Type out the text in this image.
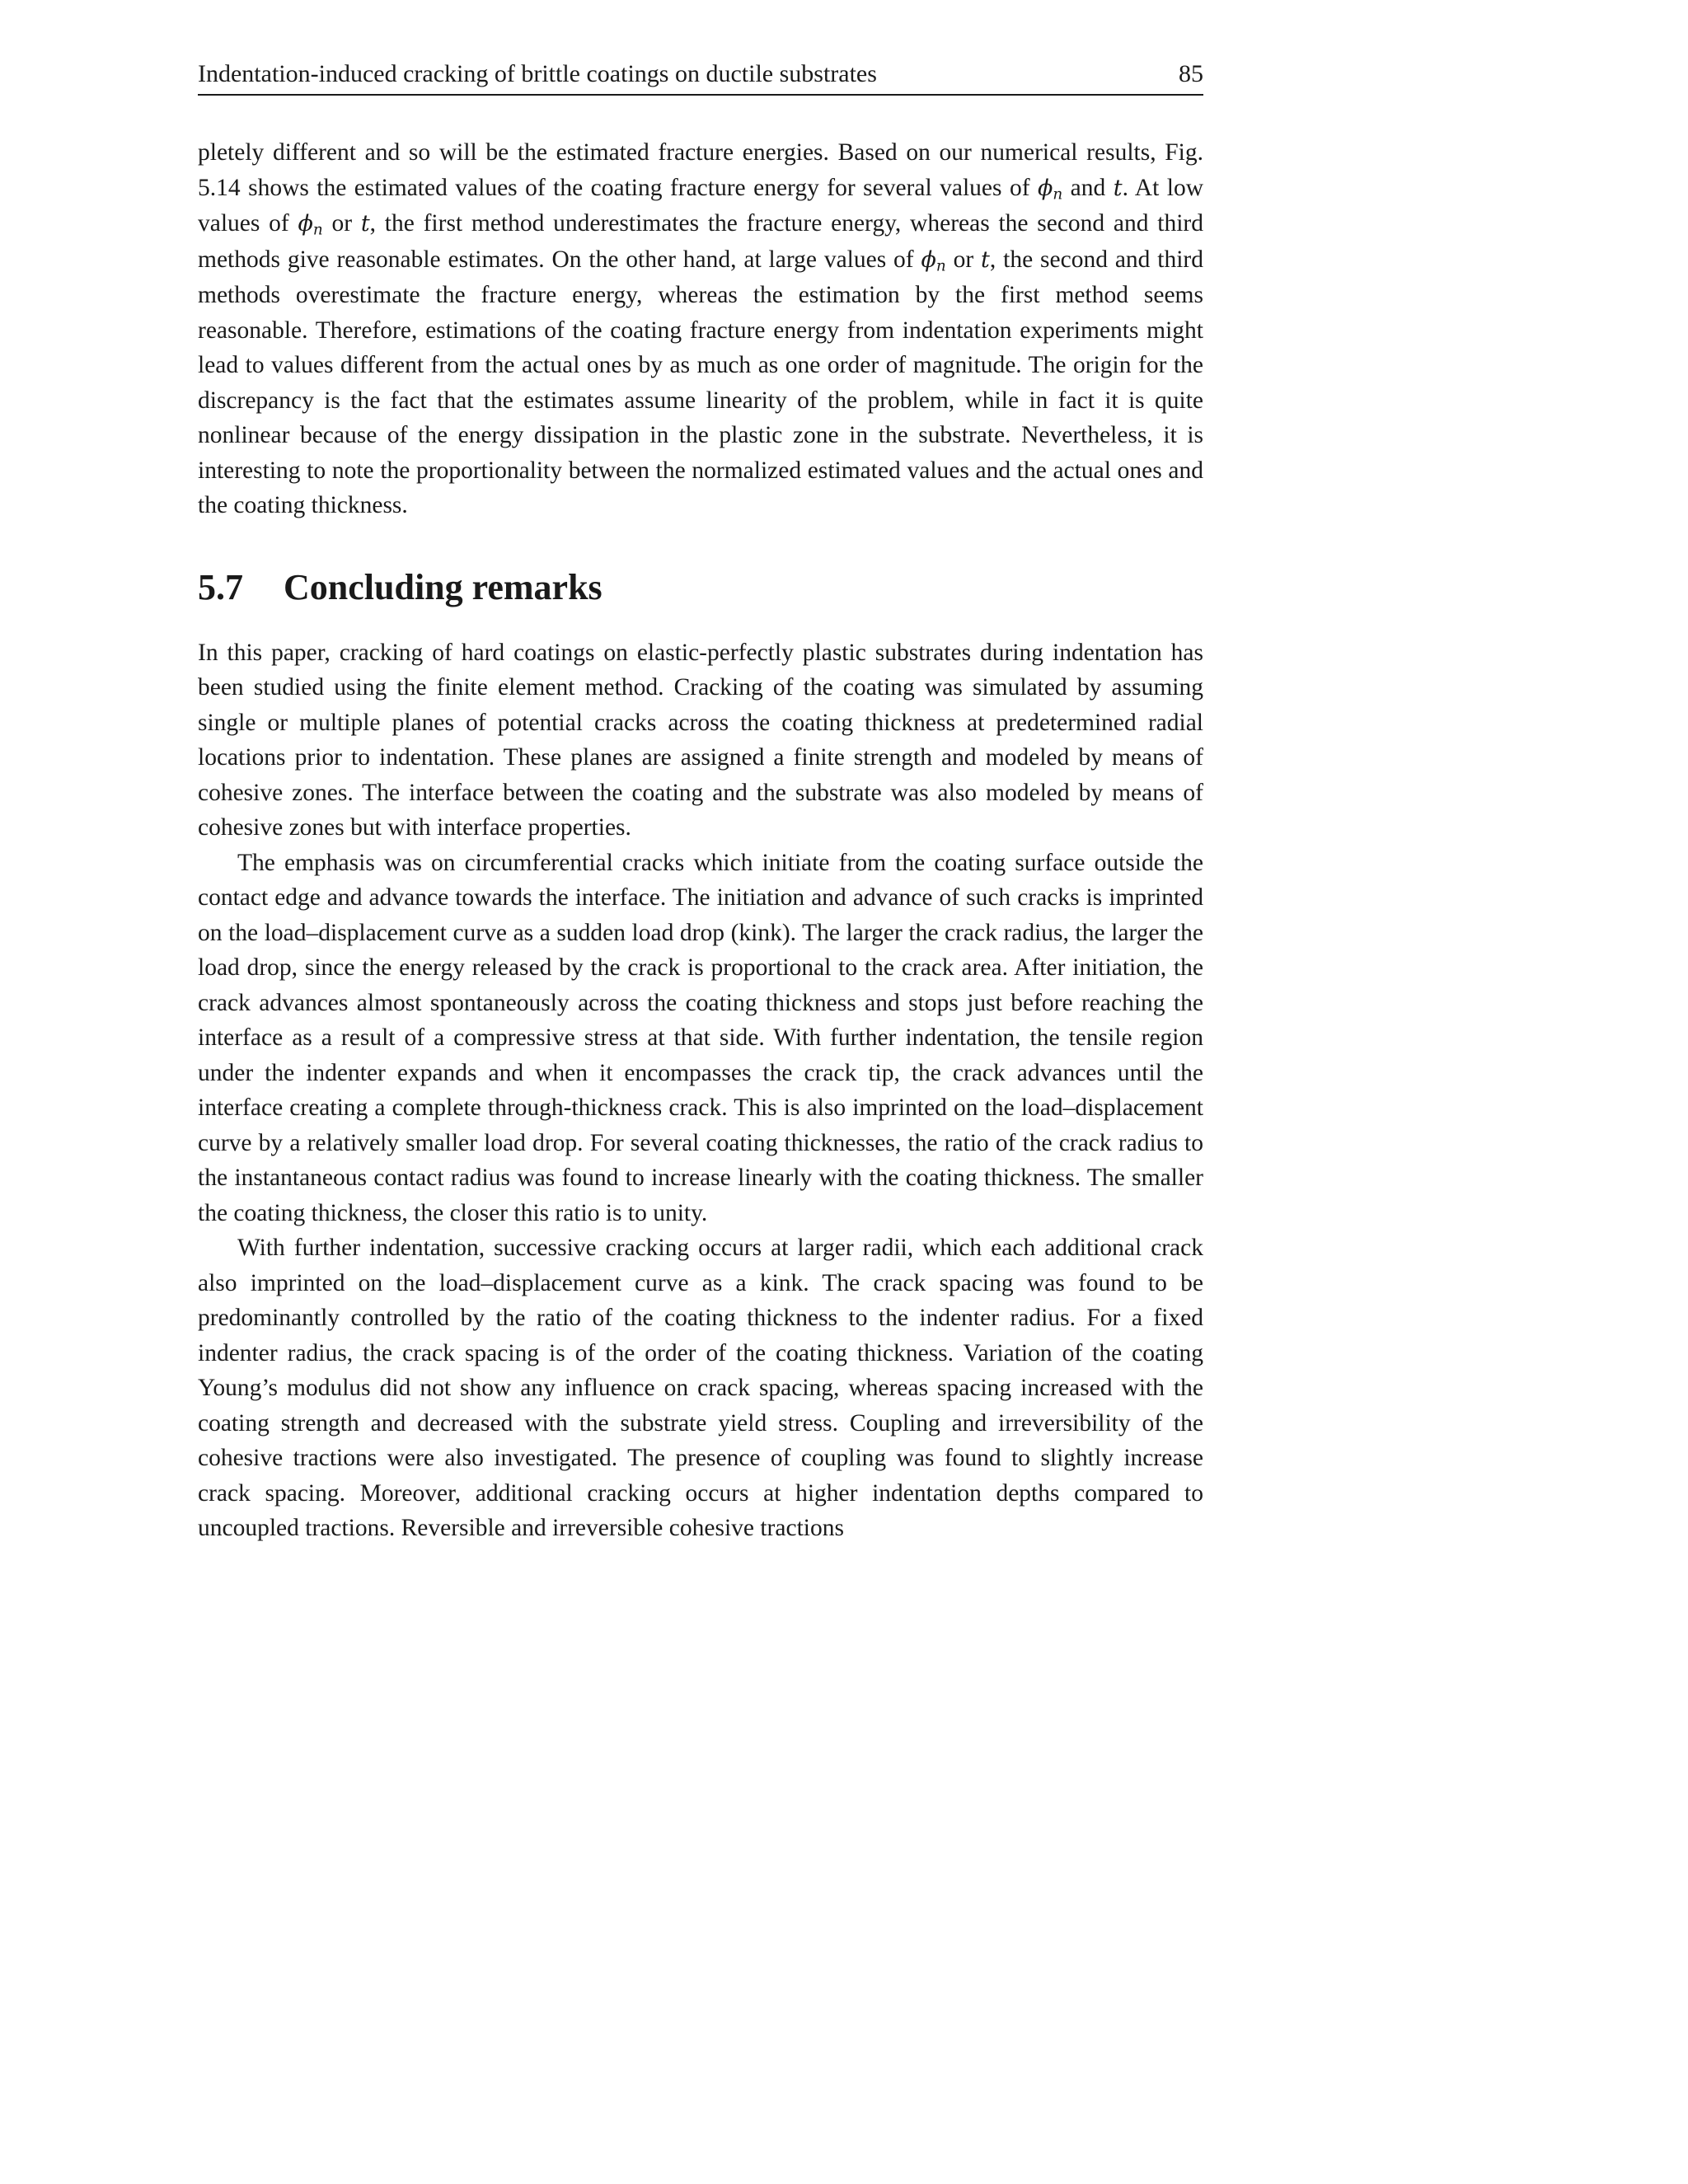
Indentation-induced cracking of brittle coatings on ductile substrates	85

pletely different and so will be the estimated fracture energies. Based on our numerical results, Fig. 5.14 shows the estimated values of the coating fracture energy for several values of $\phi_n$ and t. At low values of $\phi_n$ or t, the first method underestimates the fracture energy, whereas the second and third methods give reasonable estimates. On the other hand, at large values of $\phi_n$ or t, the second and third methods overestimate the fracture energy, whereas the estimation by the first method seems reasonable. Therefore, estimations of the coating fracture energy from indentation experiments might lead to values different from the actual ones by as much as one order of magnitude. The origin for the discrepancy is the fact that the estimates assume linearity of the problem, while in fact it is quite nonlinear because of the energy dissipation in the plastic zone in the substrate. Nevertheless, it is interesting to note the proportionality between the normalized estimated values and the actual ones and the coating thickness.

5.7	Concluding remarks

In this paper, cracking of hard coatings on elastic-perfectly plastic substrates during indentation has been studied using the finite element method. Cracking of the coating was simulated by assuming single or multiple planes of potential cracks across the coating thickness at predetermined radial locations prior to indentation. These planes are assigned a finite strength and modeled by means of cohesive zones. The interface between the coating and the substrate was also modeled by means of cohesive zones but with interface properties.

The emphasis was on circumferential cracks which initiate from the coating surface outside the contact edge and advance towards the interface. The initiation and advance of such cracks is imprinted on the load–displacement curve as a sudden load drop (kink). The larger the crack radius, the larger the load drop, since the energy released by the crack is proportional to the crack area. After initiation, the crack advances almost spontaneously across the coating thickness and stops just before reaching the interface as a result of a compressive stress at that side. With further indentation, the tensile region under the indenter expands and when it encompasses the crack tip, the crack advances until the interface creating a complete through-thickness crack. This is also imprinted on the load–displacement curve by a relatively smaller load drop. For several coating thicknesses, the ratio of the crack radius to the instantaneous contact radius was found to increase linearly with the coating thickness. The smaller the coating thickness, the closer this ratio is to unity.

With further indentation, successive cracking occurs at larger radii, which each additional crack also imprinted on the load–displacement curve as a kink. The crack spacing was found to be predominantly controlled by the ratio of the coating thickness to the indenter radius. For a fixed indenter radius, the crack spacing is of the order of the coating thickness. Variation of the coating Young’s modulus did not show any influence on crack spacing, whereas spacing increased with the coating strength and decreased with the substrate yield stress. Coupling and irreversibility of the cohesive tractions were also investigated. The presence of coupling was found to slightly increase crack spacing. Moreover, additional cracking occurs at higher indentation depths compared to uncoupled tractions. Reversible and irreversible cohesive tractions
